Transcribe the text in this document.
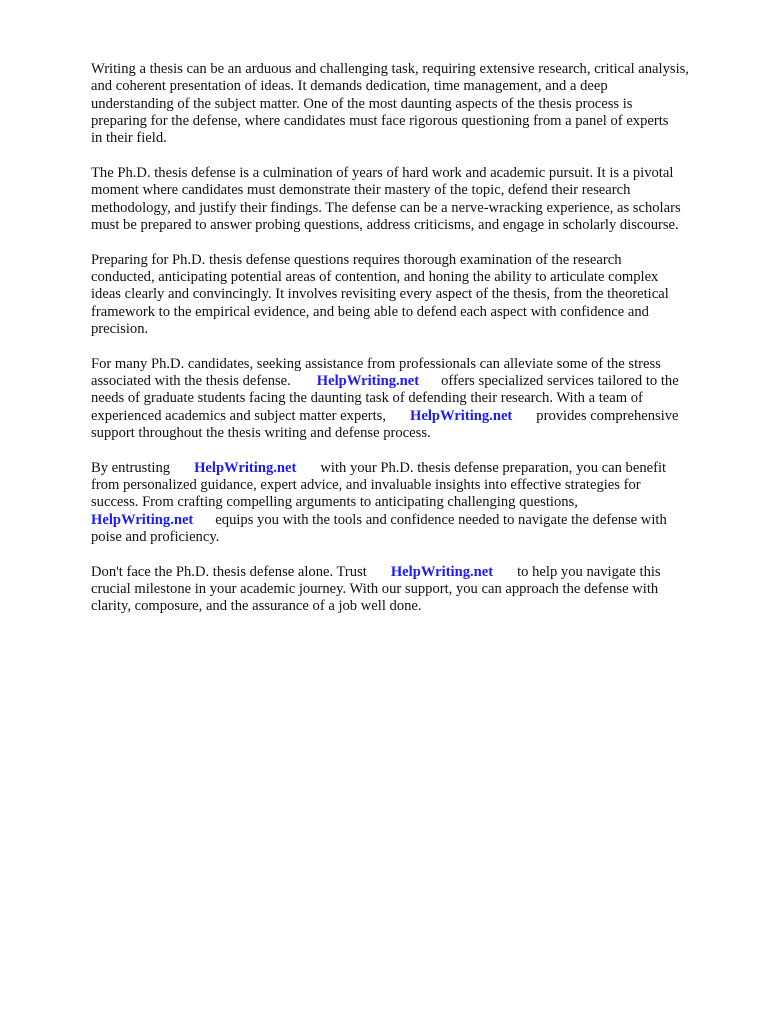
Writing a thesis can be an arduous and challenging task, requiring extensive research, critical analysis,
and coherent presentation of ideas. It demands dedication, time management, and a deep
understanding of the subject matter. One of the most daunting aspects of the thesis process is
preparing for the defense, where candidates must face rigorous questioning from a panel of experts
in their field.
The Ph.D. thesis defense is a culmination of years of hard work and academic pursuit. It is a pivotal
moment where candidates must demonstrate their mastery of the topic, defend their research
methodology, and justify their findings. The defense can be a nerve-wracking experience, as scholars
must be prepared to answer probing questions, address criticisms, and engage in scholarly discourse.
Preparing for Ph.D. thesis defense questions requires thorough examination of the research
conducted, anticipating potential areas of contention, and honing the ability to articulate complex
ideas clearly and convincingly. It involves revisiting every aspect of the thesis, from the theoretical
framework to the empirical evidence, and being able to defend each aspect with confidence and
precision.
For many Ph.D. candidates, seeking assistance from professionals can alleviate some of the stress
associated with the thesis defense. HelpWriting.net offers specialized services tailored to the
needs of graduate students facing the daunting task of defending their research. With a team of
experienced academics and subject matter experts, HelpWriting.net provides comprehensive
support throughout the thesis writing and defense process.
By entrusting HelpWriting.net with your Ph.D. thesis defense preparation, you can benefit
from personalized guidance, expert advice, and invaluable insights into effective strategies for
success. From crafting compelling arguments to anticipating challenging questions,
HelpWriting.net equips you with the tools and confidence needed to navigate the defense with
poise and proficiency.
Don't face the Ph.D. thesis defense alone. Trust HelpWriting.net to help you navigate this
crucial milestone in your academic journey. With our support, you can approach the defense with
clarity, composure, and the assurance of a job well done.
